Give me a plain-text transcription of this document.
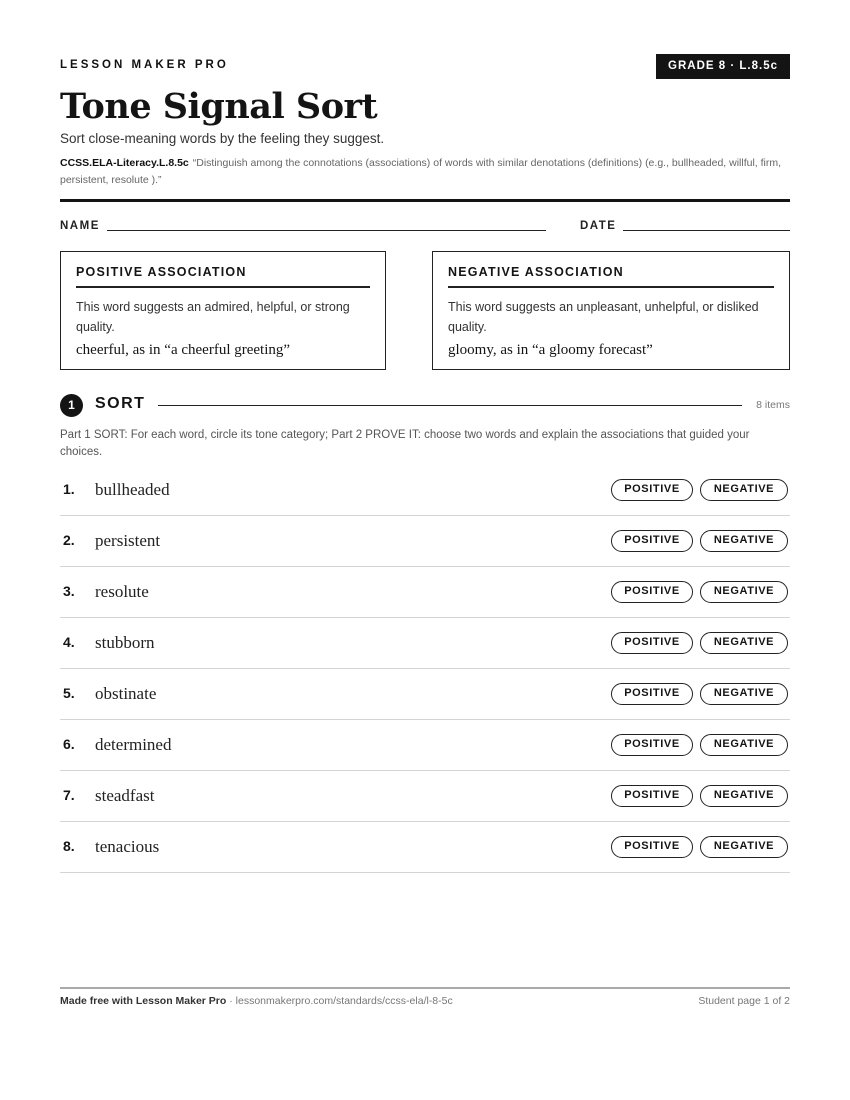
LESSON MAKER PRO	GRADE 8 · L.8.5c
Tone Signal Sort
Sort close-meaning words by the feeling they suggest.
CCSS.ELA-Literacy.L.8.5c “Distinguish among the connotations (associations) of words with similar denotations (definitions) (e.g., bullheaded, willful, firm, persistent, resolute ).”
NAME	DATE
POSITIVE ASSOCIATION
This word suggests an admired, helpful, or strong quality.
cheerful, as in “a cheerful greeting”
NEGATIVE ASSOCIATION
This word suggests an unpleasant, unhelpful, or disliked quality.
gloomy, as in “a gloomy forecast”
1	SORT	8 items
Part 1 SORT: For each word, circle its tone category; Part 2 PROVE IT: choose two words and explain the associations that guided your choices.
1. bullheaded	POSITIVE	NEGATIVE
2. persistent	POSITIVE	NEGATIVE
3. resolute	POSITIVE	NEGATIVE
4. stubborn	POSITIVE	NEGATIVE
5. obstinate	POSITIVE	NEGATIVE
6. determined	POSITIVE	NEGATIVE
7. steadfast	POSITIVE	NEGATIVE
8. tenacious	POSITIVE	NEGATIVE
Made free with Lesson Maker Pro · lessonmakerpro.com/standards/ccss-ela/l-8-5c	Student page 1 of 2
